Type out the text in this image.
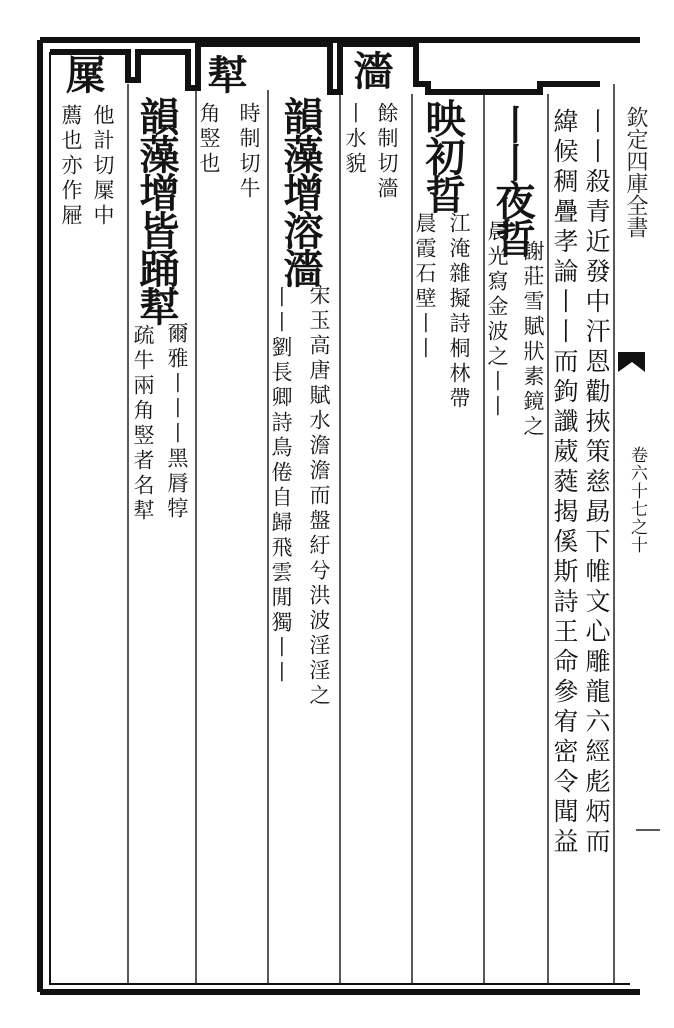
欽定四庫全書
卷六十七之十
丨丨殺青近發中汗恩勸挾策慈勗下帷文心雕龍六經彪炳而
緯候稠疊孝論丨丨而鉤讖葳蕤揭傒斯詩王命參宥密令聞益
丨丨夜晢
謝莊雪賦狀素鏡之
晨光寫金波之丨丨
映初晢
江淹雜擬詩桐林帶
晨霞石壁丨丨
濇
餘制切濇
丨水貌
韻藻增溶濇
宋玉高唐賦水澹澹而盤紆兮洪波淫淫之
丨丨劉長卿詩鳥倦自歸飛雲閒獨丨丨
犎
時制切牛
角竪也
韻藻增皆踊犎
爾雅丨丨丨黑脣犉
疏牛兩角竪者名犎
屟
他計切屟中
薦也亦作屜
